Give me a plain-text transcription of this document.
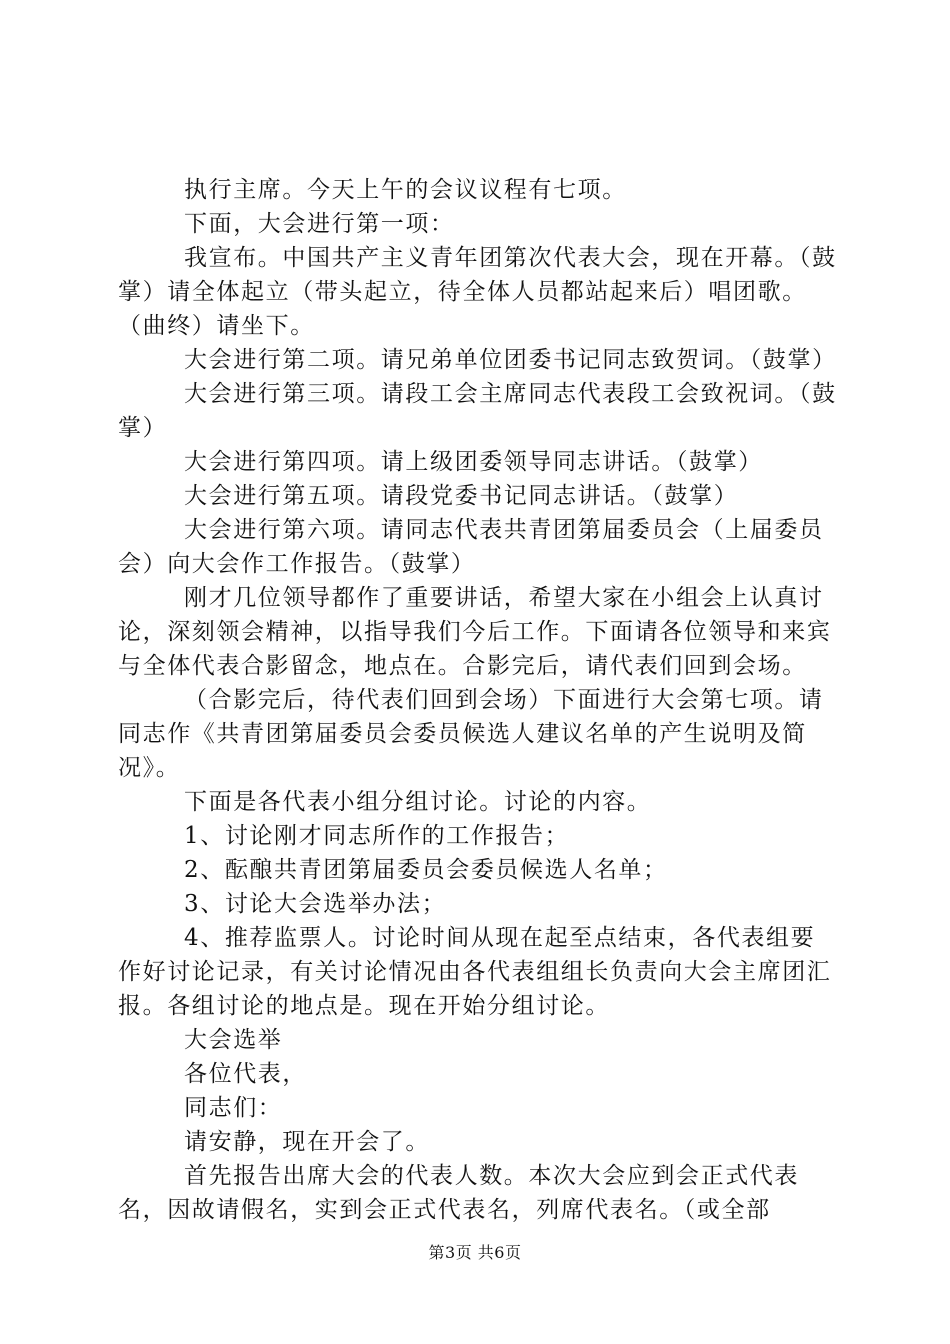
执行主席。今天上午的会议议程有七项。

下面，大会进行第一项：

我宣布。中国共产主义青年团第次代表大会，现在开幕。（鼓掌）请全体起立（带头起立，待全体人员都站起来后）唱团歌。（曲终）请坐下。

大会进行第二项。请兄弟单位团委书记同志致贺词。（鼓掌）

大会进行第三项。请段工会主席同志代表段工会致祝词。（鼓掌）

大会进行第四项。请上级团委领导同志讲话。（鼓掌）

大会进行第五项。请段党委书记同志讲话。（鼓掌）

大会进行第六项。请同志代表共青团第届委员会（上届委员会）向大会作工作报告。（鼓掌）

刚才几位领导都作了重要讲话，希望大家在小组会上认真讨论，深刻领会精神，以指导我们今后工作。下面请各位领导和来宾与全体代表合影留念，地点在。合影完后，请代表们回到会场。

（合影完后，待代表们回到会场）下面进行大会第七项。请同志作《共青团第届委员会委员候选人建议名单的产生说明及简况》。

下面是各代表小组分组讨论。讨论的内容。

1、讨论刚才同志所作的工作报告；

2、酝酿共青团第届委员会委员候选人名单；

3、讨论大会选举办法；

4、推荐监票人。讨论时间从现在起至点结束，各代表组要作好讨论记录，有关讨论情况由各代表组组长负责向大会主席团汇报。各组讨论的地点是。现在开始分组讨论。

大会选举

各位代表，

同志们：

请安静，现在开会了。

首先报告出席大会的代表人数。本次大会应到会正式代表名，因故请假名，实到会正式代表名，列席代表名。（或全部

第3页 共6页
